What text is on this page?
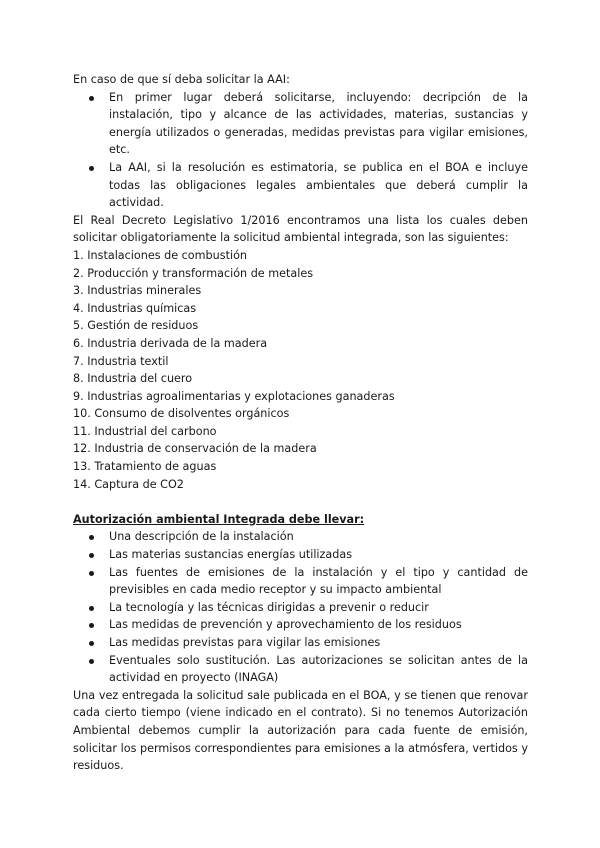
En caso de que sí deba solicitar la AAI:

En primer lugar deberá solicitarse, incluyendo: decripción de la instalación, tipo y alcance de las actividades, materias, sustancias y energía utilizados o generadas, medidas previstas para vigilar emisiones, etc.
La AAI, si la resolución es estimatoria, se publica en el BOA e incluye todas las obligaciones legales ambientales que deberá cumplir la actividad.

El Real Decreto Legislativo 1/2016 encontramos una lista los cuales deben solicitar obligatoriamente la solicitud ambiental integrada, son las siguientes:

1. Instalaciones de combustión
2. Producción y transformación de metales
3. Industrias minerales
4. Industrias químicas
5. Gestión de residuos
6. Industria derivada de la madera
7. Industria textil
8. Industria del cuero
9. Industrias agroalimentarias y explotaciones ganaderas
10. Consumo de disolventes orgánicos
11. Industrial del carbono
12. Industria de conservación de la madera
13. Tratamiento de aguas
14. Captura de CO2

Autorización ambiental Integrada debe llevar:

Una descripción de la instalación
Las materias sustancias energías utilizadas
Las fuentes de emisiones de la instalación y el tipo y cantidad de previsibles en cada medio receptor y su impacto ambiental
La tecnología y las técnicas dirigidas a prevenir o reducir
Las medidas de prevención y aprovechamiento de los residuos
Las medidas previstas para vigilar las emisiones
Eventuales solo sustitución. Las autorizaciones se solicitan antes de la actividad en proyecto (INAGA)

Una vez entregada la solicitud sale publicada en el BOA, y se tienen que renovar cada cierto tiempo (viene indicado en el contrato). Si no tenemos Autorización Ambiental debemos cumplir la autorización para cada fuente de emisión, solicitar los permisos correspondientes para emisiones a la atmósfera, vertidos y residuos.
